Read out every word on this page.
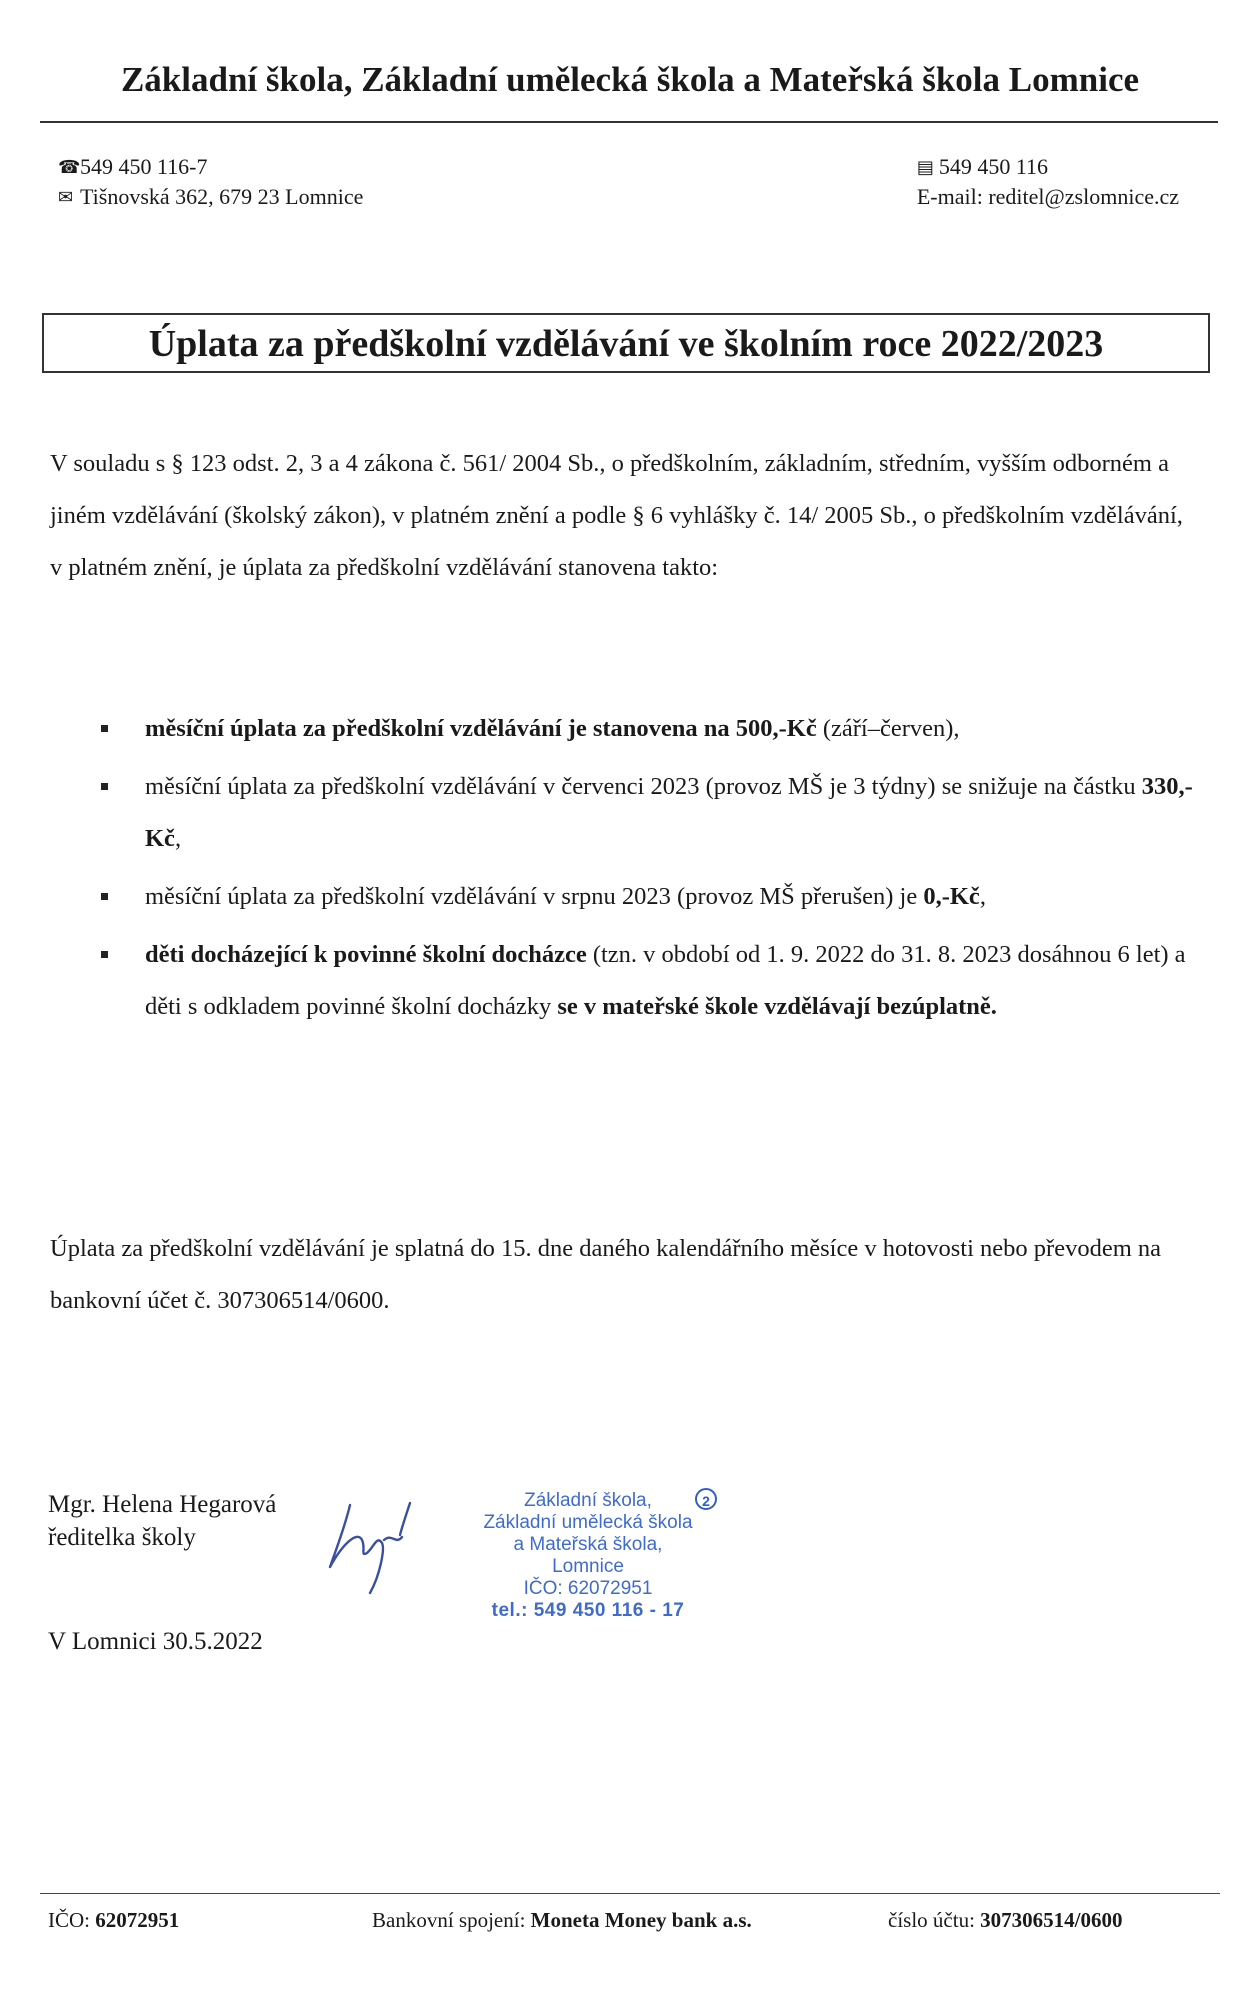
Základní škola, Základní umělecká škola a Mateřská škola Lomnice
☎549 450 116-7
✉ Tišnovská 362, 679 23 Lomnice
▤ 549 450 116
E-mail: reditel@zslomnice.cz
Úplata za předškolní vzdělávání ve školním roce 2022/2023
V souladu s § 123 odst. 2, 3 a 4 zákona č. 561/ 2004 Sb., o předškolním, základním, středním, vyšším odborném a jiném vzdělávání (školský zákon), v platném znění a podle § 6 vyhlášky č. 14/ 2005 Sb., o předškolním vzdělávání, v platném znění, je úplata za předškolní vzdělávání stanovena takto:
měsíční úplata za předškolní vzdělávání je stanovena na 500,-Kč (září–červen),
měsíční úplata za předškolní vzdělávání v červenci 2023 (provoz MŠ je 3 týdny) se snižuje na částku 330,- Kč,
měsíční úplata za předškolní vzdělávání v srpnu 2023 (provoz MŠ přerušen) je 0,-Kč,
děti docházející k povinné školní docházce (tzn. v období od 1. 9. 2022 do 31. 8. 2023 dosáhnou 6 let) a děti s odkladem povinné školní docházky se v mateřské škole vzdělávají bezúplatně.
Úplata za předškolní vzdělávání je splatná do 15. dne daného kalendářního měsíce v hotovosti nebo převodem na bankovní účet č. 307306514/0600.
Mgr. Helena Hegarová
ředitelka školy
Základní škola,
Základní umělecká škola
a Mateřská škola,
Lomnice
IČO: 62072951
tel.: 549 450 116 - 17
2
V Lomnici 30.5.2022
IČO: 62072951	Bankovní spojení: Moneta Money bank a.s.	číslo účtu: 307306514/0600
